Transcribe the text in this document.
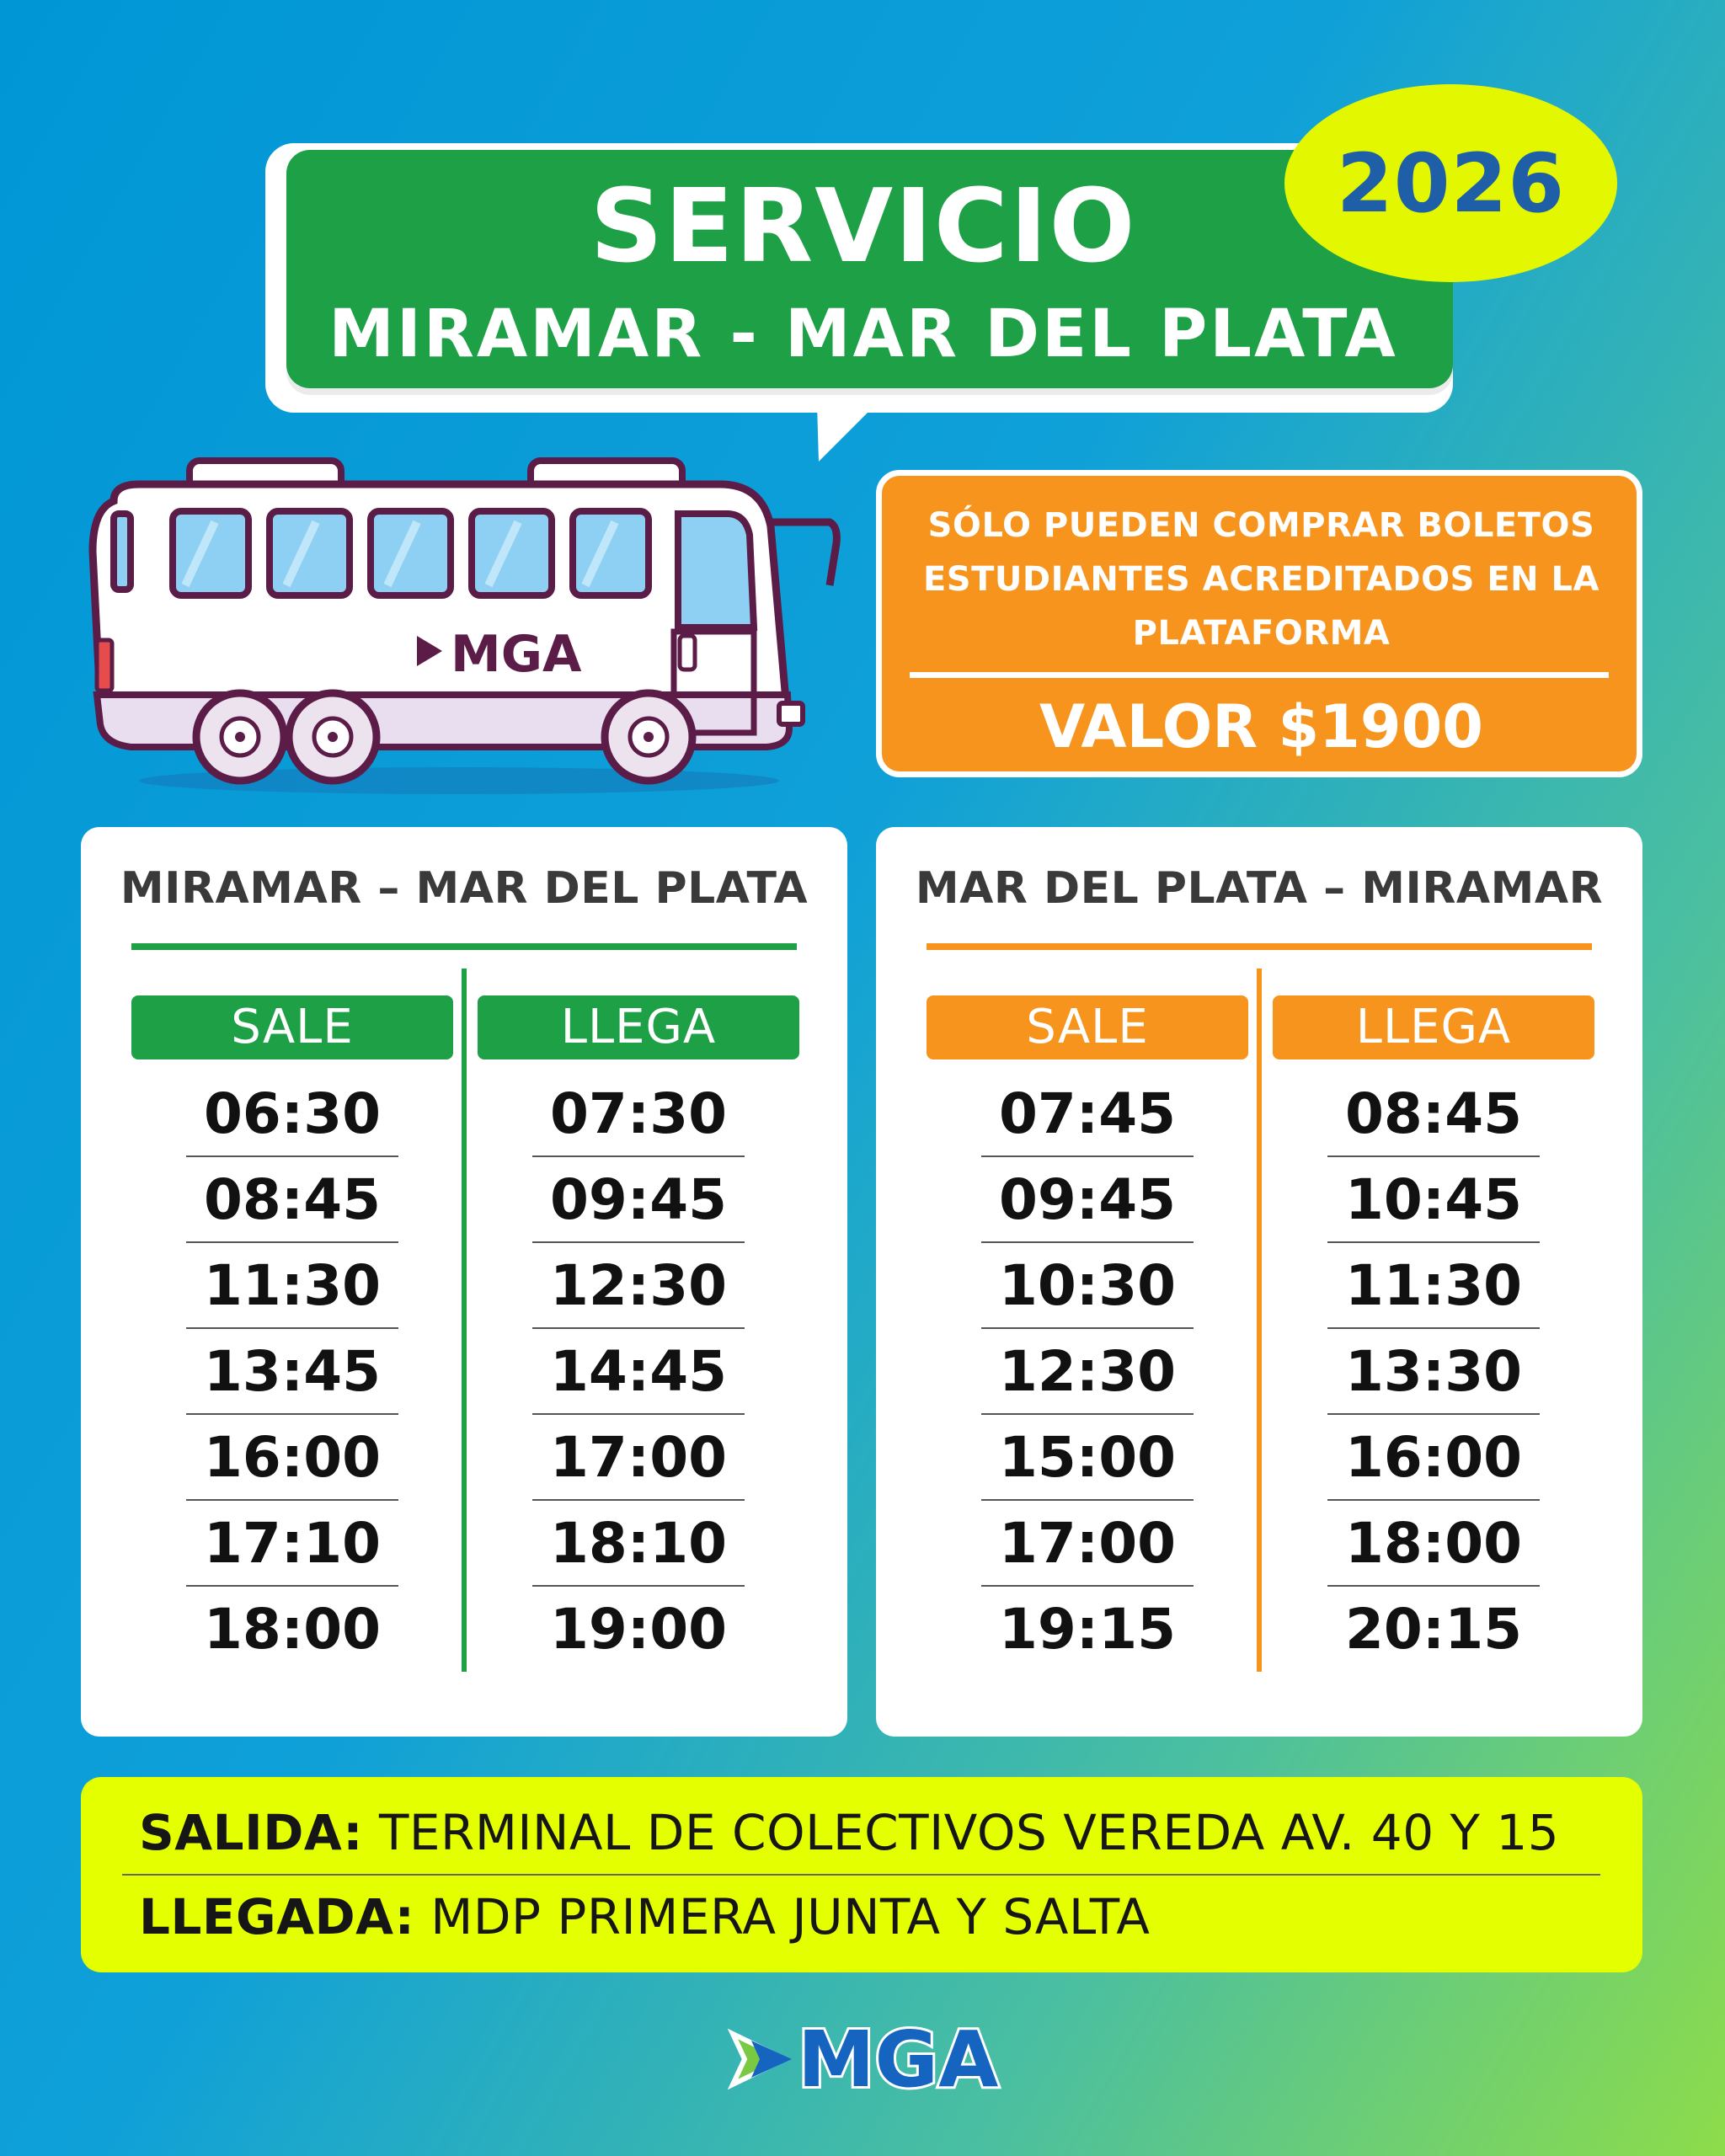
SERVICIO
MIRAMAR - MAR DEL PLATA
2026
MGA
SÓLO PUEDEN COMPRAR BOLETOS ESTUDIANTES ACREDITADOS EN LA PLATAFORMA
VALOR $1900
MIRAMAR – MAR DEL PLATA
SALE	LLEGA
06:30
08:45
11:30
13:45
16:00
17:10
18:00
07:30
09:45
12:30
14:45
17:00
18:10
19:00
MAR DEL PLATA – MIRAMAR
SALE	LLEGA
07:45
09:45
10:30
12:30
15:00
17:00
19:15
08:45
10:45
11:30
13:30
16:00
18:00
20:15
SALIDA: TERMINAL DE COLECTIVOS VEREDA AV. 40 Y 15
LLEGADA: MDP PRIMERA JUNTA Y SALTA
MGA
